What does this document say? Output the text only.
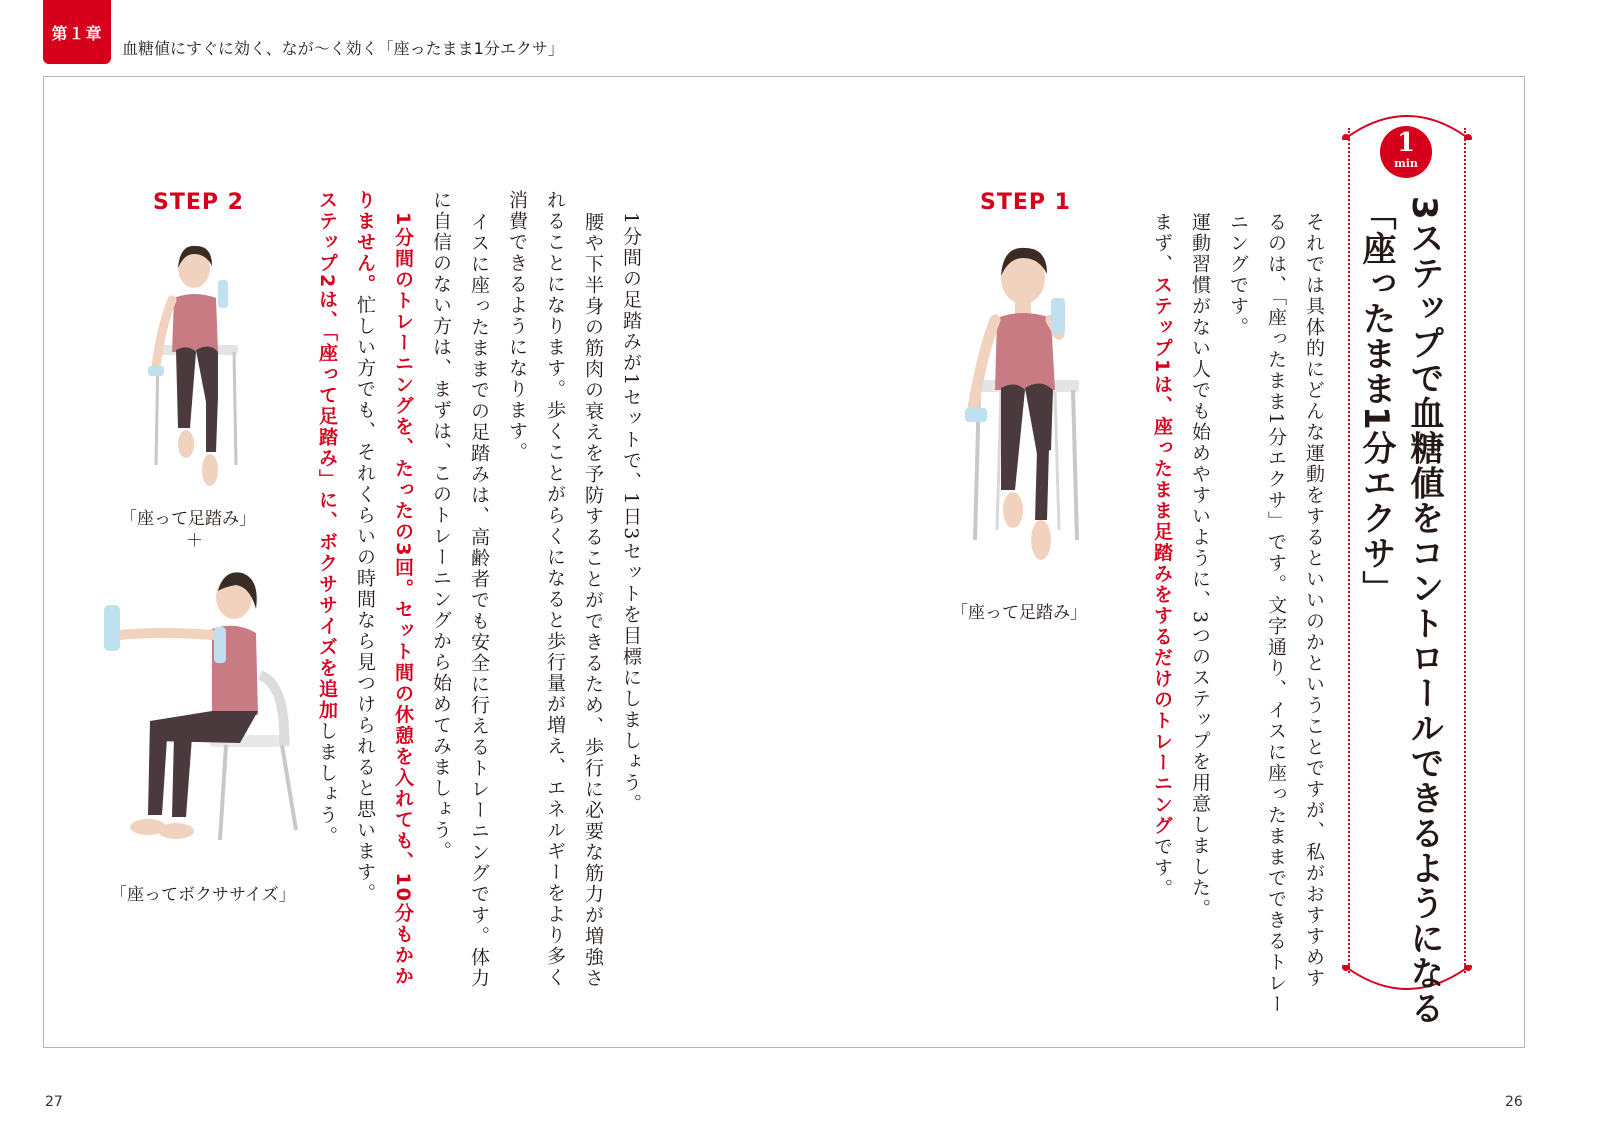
第１章
血糖値にすぐに効く、なが〜く効く「座ったまま1分エクサ」
1
min
3ステップで血糖値をコントロールできるようになる
「座ったまま1分エクサ」
それでは具体的にどんな運動をするといいのかということですが、私がおすすめす
るのは、「座ったまま1分エクサ」です。文字通り、イスに座ったままでできるトレー
ニングです。
運動習慣がない人でも始めやすいように、3つのステップを用意しました。
まず、ステップ1は、座ったまま足踏みをするだけのトレーニングです。
STEP 1
「座って足踏み」
STEP 2
「座って足踏み」
＋
「座ってボクササイズ」
1分間の足踏みが1セットで、1日3セットを目標にしましょう。
腰や下半身の筋肉の衰えを予防することができるため、歩行に必要な筋力が増強さ
れることになります。歩くことがらくになると歩行量が増え、エネルギーをより多く
消費できるようになります。
イスに座ったままでの足踏みは、高齢者でも安全に行えるトレーニングです。体力
に自信のない方は、まずは、このトレーニングから始めてみましょう。
1分間のトレーニングを、たったの3回。セット間の休憩を入れても、10分もかか
りません。忙しい方でも、それくらいの時間なら見つけられると思います。
ステップ2は、「座って足踏み」に、ボクササイズを追加しましょう。
27	26
